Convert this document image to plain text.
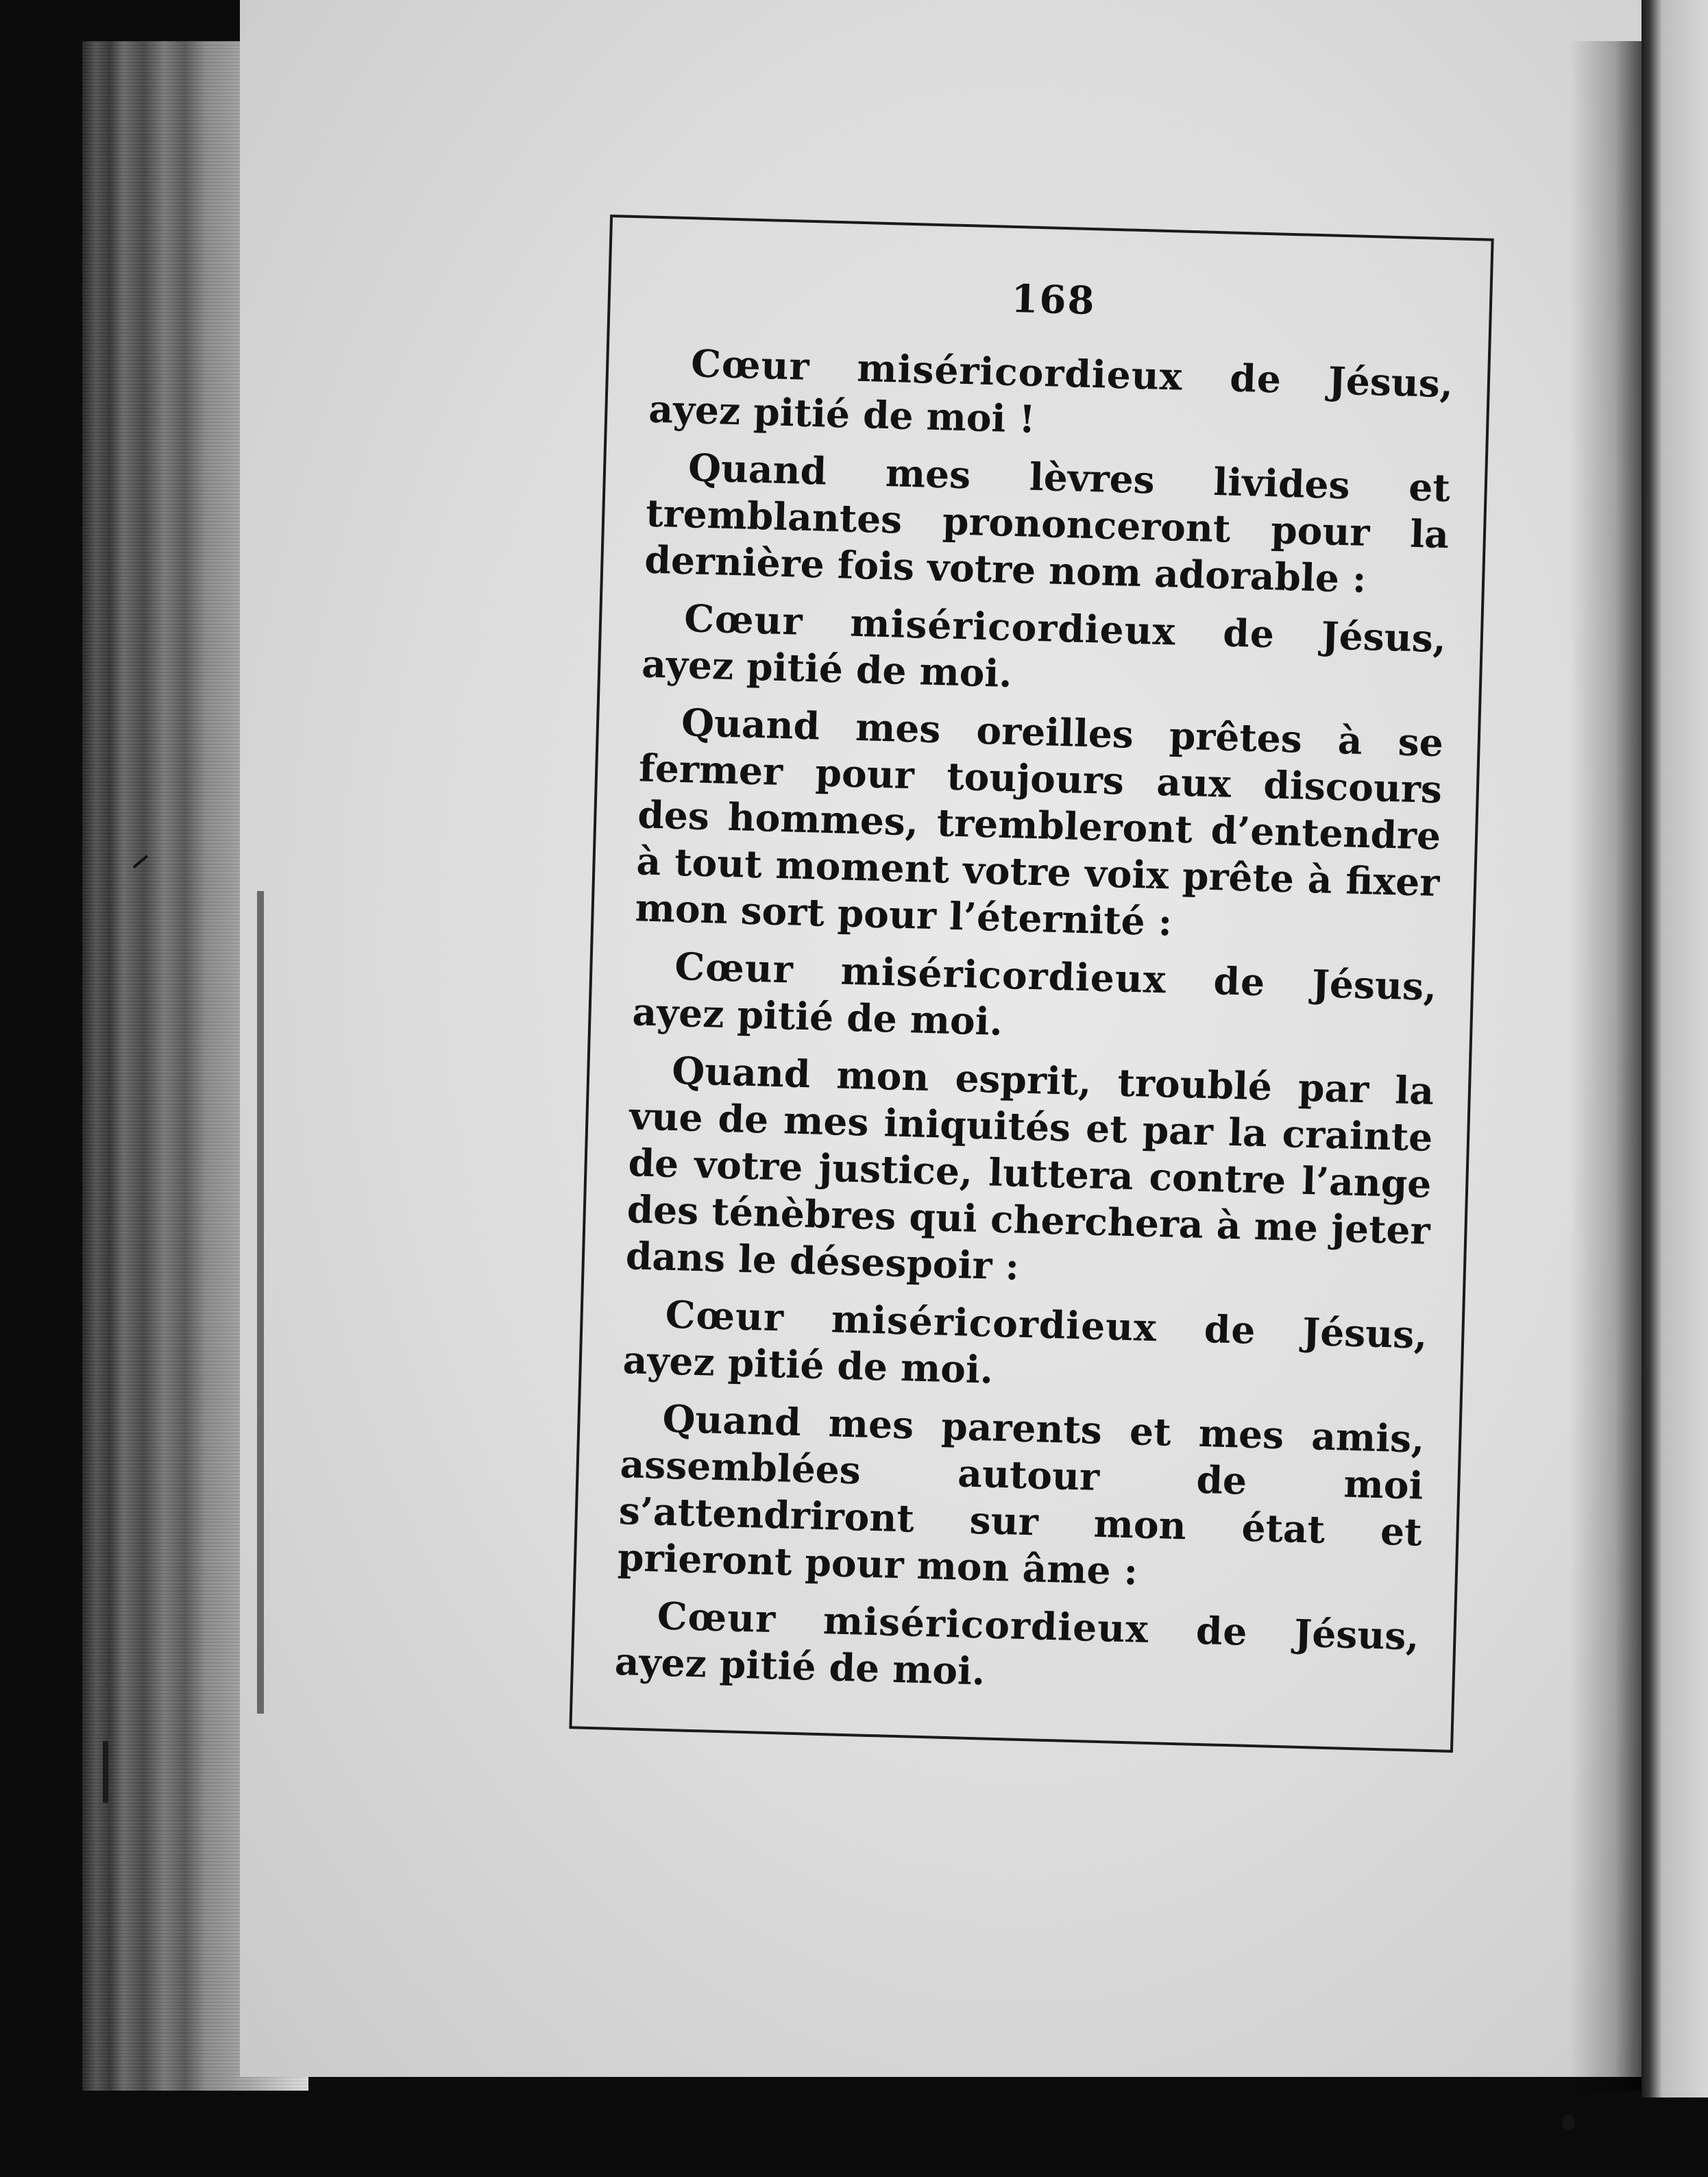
168

Cœur miséricordieux de Jésus, ayez pitié de moi !

Quand mes lèvres livides et tremblantes prononceront pour la dernière fois votre nom adorable :

Cœur miséricordieux de Jésus, ayez pitié de moi.

Quand mes oreilles prêtes à se fermer pour toujours aux discours des hommes, trembleront d’entendre à tout moment votre voix prête à fixer mon sort pour l’éternité :

Cœur miséricordieux de Jésus, ayez pitié de moi.

Quand mon esprit, troublé par la vue de mes iniquités et par la crainte de votre justice, luttera contre l’ange des ténèbres qui cherchera à me jeter dans le désespoir :

Cœur miséricordieux de Jésus, ayez pitié de moi.

Quand mes parents et mes amis, assemblées autour de moi s’attendriront sur mon état et prieront pour mon âme :

Cœur miséricordieux de Jésus, ayez pitié de moi.
